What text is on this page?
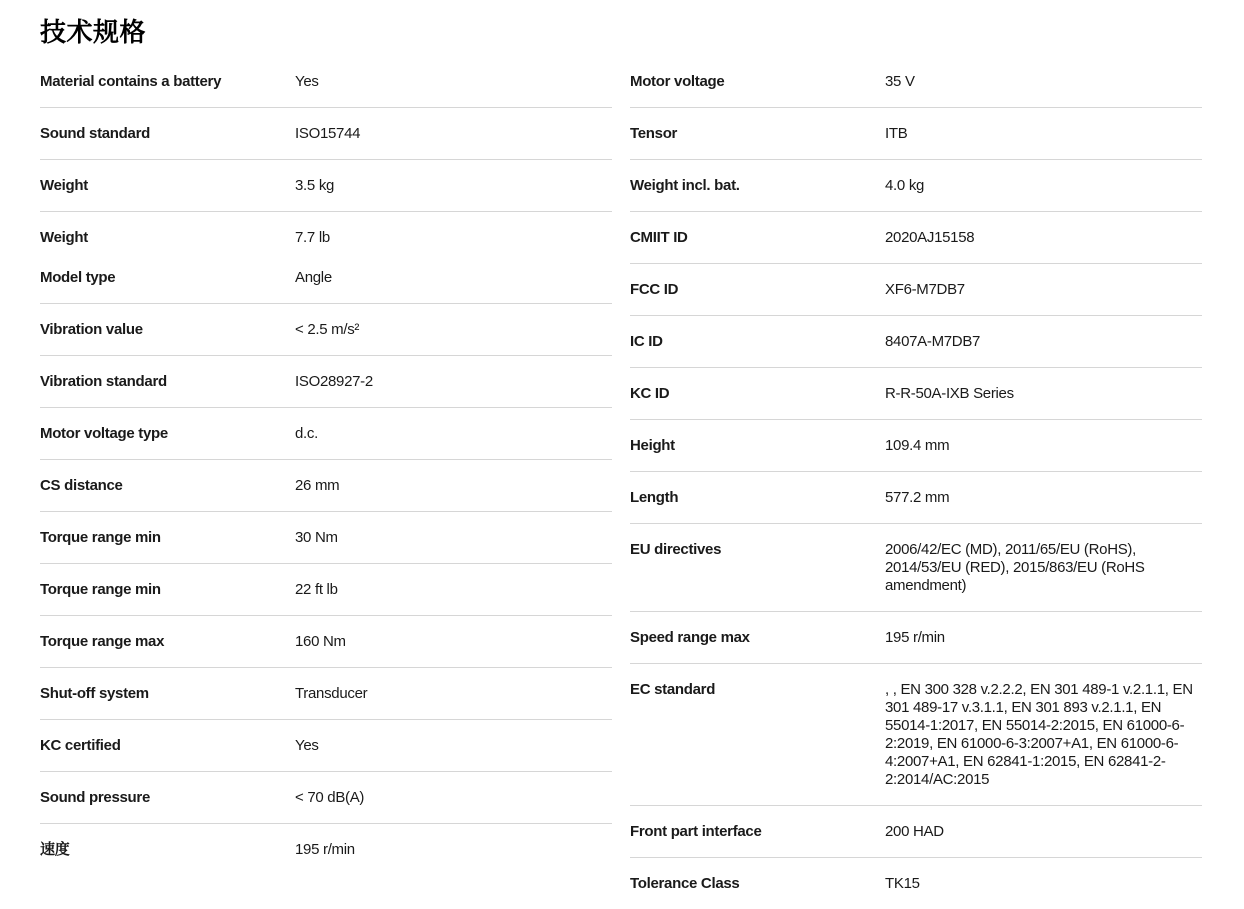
技术规格
Material contains a battery	Yes
Sound standard	ISO15744
Weight	3.5 kg
Weight	7.7 lb
Model type	Angle
Vibration value	< 2.5 m/s²
Vibration standard	ISO28927-2
Motor voltage type	d.c.
CS distance	26 mm
Torque range min	30 Nm
Torque range min	22 ft lb
Torque range max	160 Nm
Shut-off system	Transducer
KC certified	Yes
Sound pressure	< 70 dB(A)
速度	195 r/min
Motor voltage	35 V
Tensor	ITB
Weight incl. bat.	4.0 kg
CMIIT ID	2020AJ15158
FCC ID	XF6-M7DB7
IC ID	8407A-M7DB7
KC ID	R-R-50A-IXB Series
Height	109.4 mm
Length	577.2 mm
EU directives	2006/42/EC (MD), 2011/65/EU (RoHS), 2014/53/EU (RED), 2015/863/EU (RoHS amendment)
Speed range max	195 r/min
EC standard	, , EN 300 328 v.2.2.2, EN 301 489-1 v.2.1.1, EN 301 489-17 v.3.1.1, EN 301 893 v.2.1.1, EN 55014-1:2017, EN 55014-2:2015, EN 61000-6-2:2019, EN 61000-6-3:2007+A1, EN 61000-6-4:2007+A1, EN 62841-1:2015, EN 62841-2-2:2014/AC:2015
Front part interface	200 HAD
Tolerance Class	TK15
